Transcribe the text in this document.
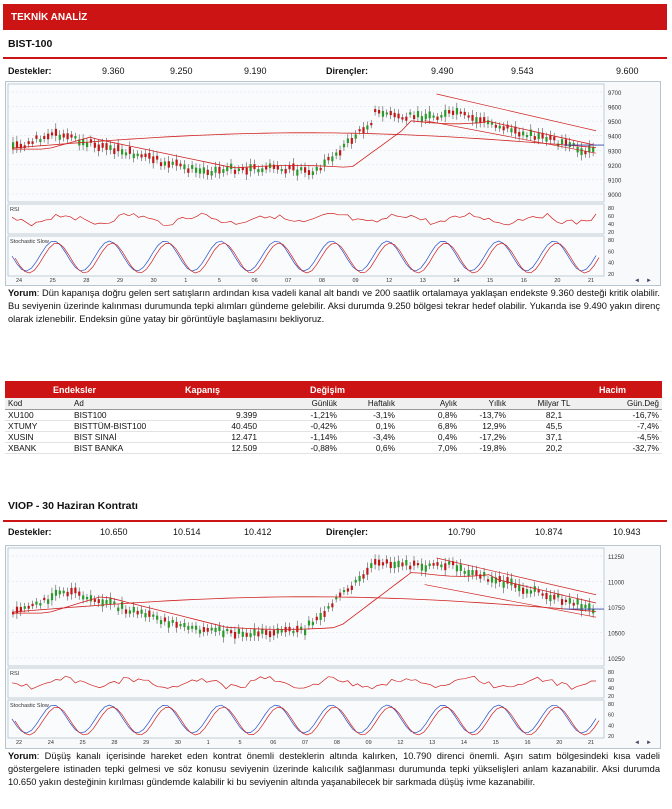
TEKNİK ANALİZ
BIST-100
Destekler:	9.360	9.250	9.190	Dirençler:	9.490	9.543	9.600
9700
9600
9500
9400
9300
9200
9100
9000
RSI	80
60
40
20
Stochastic Slow	80
60
40
20
24	25	28	29	30	1	5	06	07	08	09	12	13	14	15	16	20	21	◄ ►
Yorum: Dün kapanışa doğru gelen sert satışların ardından kısa vadeli kanal alt bandı ve 200 saatlik ortalamaya yaklaşan endekste 9.360 desteği kritik olabilir. Bu seviyenin üzerinde kalınması durumunda tepki alımları gündeme gelebilir. Aksi durumda 9.250 bölgesi tekrar hedef olabilir. Yukarıda ise 9.490 yakın direnç olarak izlenebilir. Endeksin güne yatay bir görüntüyle başlamasını bekliyoruz.
Endeksler		Kapanış	Değişim				Hacim	
Kod	Ad		Günlük	Haftalık	Aylık	Yıllık	Milyar TL	Gün.Değ
XU100	BIST100	9.399	-1,21%	-3,1%	0,8%	-13,7%	82,1	-16,7%
XTUMY	BISTTÜM-BIST100	40.450	-0,42%	0,1%	6,8%	12,9%	45,5	-7,4%
XUSIN	BIST SINAİ	12.471	-1,14%	-3,4%	0,4%	-17,2%	37,1	-4,5%
XBANK	BIST BANKA	12.509	-0,88%	0,6%	7,0%	-19,8%	20,2	-32,7%
VIOP - 30 Haziran Kontratı
Destekler:	10.650	10.514	10.412	Dirençler:	10.790	10.874	10.943
11250
11000
10750
10500
10250
RSI	80
60
40
20
Stochastic Slow	80
60
40
20
22	24	25	28	29	30	1	5	06	07	08	09	12	13	14	15	16	20	21	◄ ►
Yorum: Düşüş kanalı içerisinde hareket eden kontrat önemli desteklerin altında kalırken, 10.790 direnci önemli. Aşırı satım bölgesindeki kısa vadeli göstergelere istinaden tepki gelmesi ve söz konusu seviyenin üzerinde kalıcılık sağlanması durumunda tepki yükselişleri anlam kazanabilir. Aksi durumda 10.650 yakın desteğinin kırılması gündemde kalabilir ki bu seviyenin altında yaşanabilecek bir sarkmada düşüş ivme kazanabilir.
